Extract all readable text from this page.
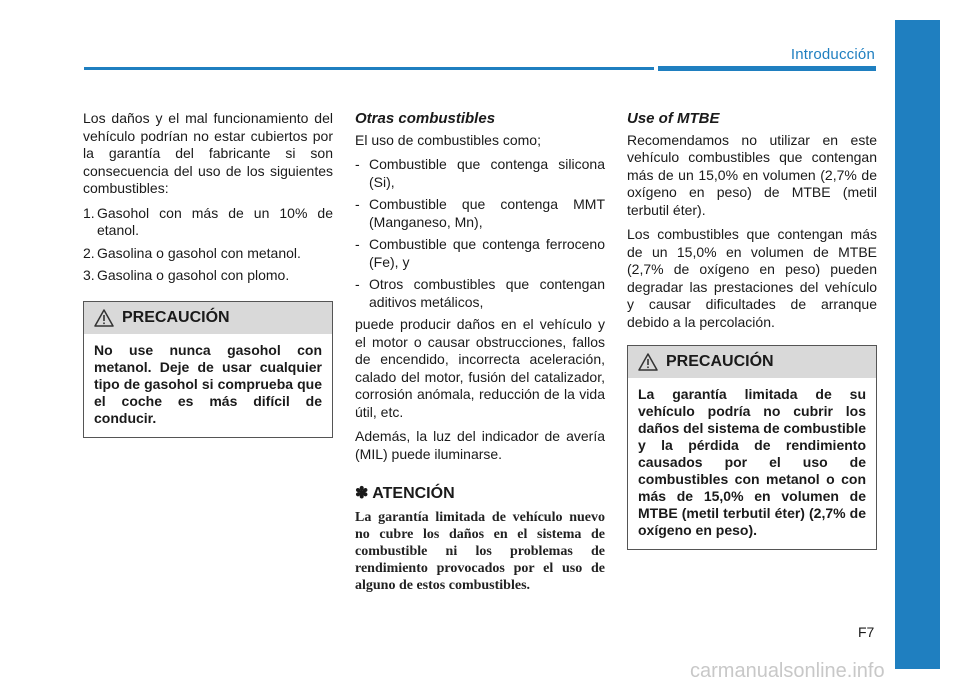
Introducción

Los daños y el mal funcionamiento del vehículo podrían no estar cubiertos por la garantía del fabricante si son consecuencia del uso de los siguientes combustibles:

1. Gasohol con más de un 10% de etanol.
2. Gasolina o gasohol con metanol.
3. Gasolina o gasohol con plomo.
PRECAUCIÓN
No use nunca gasohol con metanol. Deje de usar cualquier tipo de gasohol si comprueba que el coche es más difícil de conducir.
Otras combustibles

El uso de combustibles como;

- Combustible que contenga silicona (Si),
- Combustible que contenga MMT (Manganeso, Mn),
- Combustible que contenga ferroceno (Fe), y
- Otros combustibles que contengan aditivos metálicos,

puede producir daños en el vehículo y el motor o causar obstrucciones, fallos de encendido, incorrecta aceleración, calado del motor, fusión del catalizador, corrosión anómala, reducción de la vida útil, etc.

Además, la luz del indicador de avería (MIL) puede iluminarse.

✽ ATENCIÓN
La garantía limitada de vehículo nuevo no cubre los daños en el sistema de combustible ni los problemas de rendimiento provocados por el uso de alguno de estos combustibles.
Use of MTBE

Recomendamos no utilizar en este vehículo combustibles que contengan más de un 15,0% en volumen (2,7% de oxígeno en peso) de MTBE (metil terbutil éter).

Los combustibles que contengan más de un 15,0% en volumen de MTBE (2,7% de oxígeno en peso) pueden degradar las prestaciones del vehículo y causar dificultades de arranque debido a la percolación.

PRECAUCIÓN
La garantía limitada de su vehículo podría no cubrir los daños del sistema de combustible y la pérdida de rendimiento causados por el uso de combustibles con metanol o con más de 15,0% en volumen de MTBE (metil terbutil éter) (2,7% de oxígeno en peso).
F7
carmanualsonline.info
